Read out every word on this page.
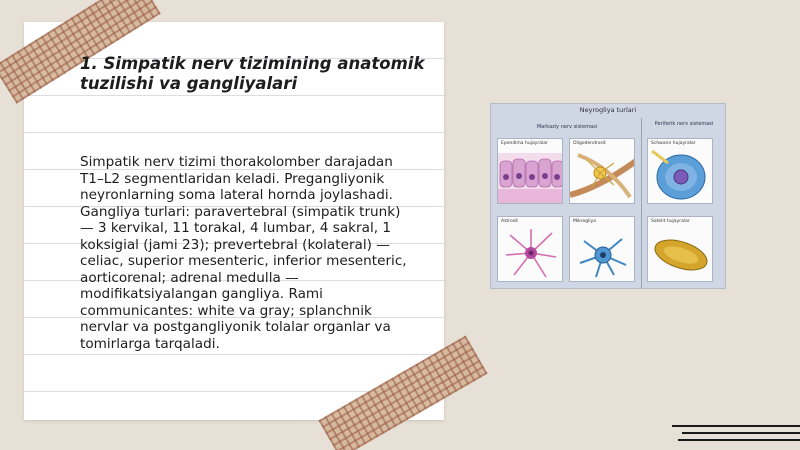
1. Simpatik nerv tizimining anatomik tuzilishi va gangliyalari

Simpatik nerv tizimi thorakolomber darajadan T1–L2 segmentlaridan keladi. Pregangliyonik neyronlarning soma lateral hornda joylashadi. Gangliya turlari: paravertebral (simpatik trunk) — 3 kervikal, 11 torakal, 4 lumbar, 4 sakral, 1 koksigial (jami 23); prevertebral (kolateral) — celiac, superior mesenteric, inferior mesenteric, aorticorenal; adrenal medulla — modifikatsiyalangan gangliya. Rami communicantes: white va gray; splanchnik nervlar va postgangliyonik tolalar organlar va tomirlarga tarqaladi.

Neyrogliya turlari
Markaziy nerv sistemasi	Periferik nerv sistemasi
Ependima hujayralar	Oligodendrosit	Schwann hujayralar
Astrosit	Mikrogliya	Satelit hujayralar
